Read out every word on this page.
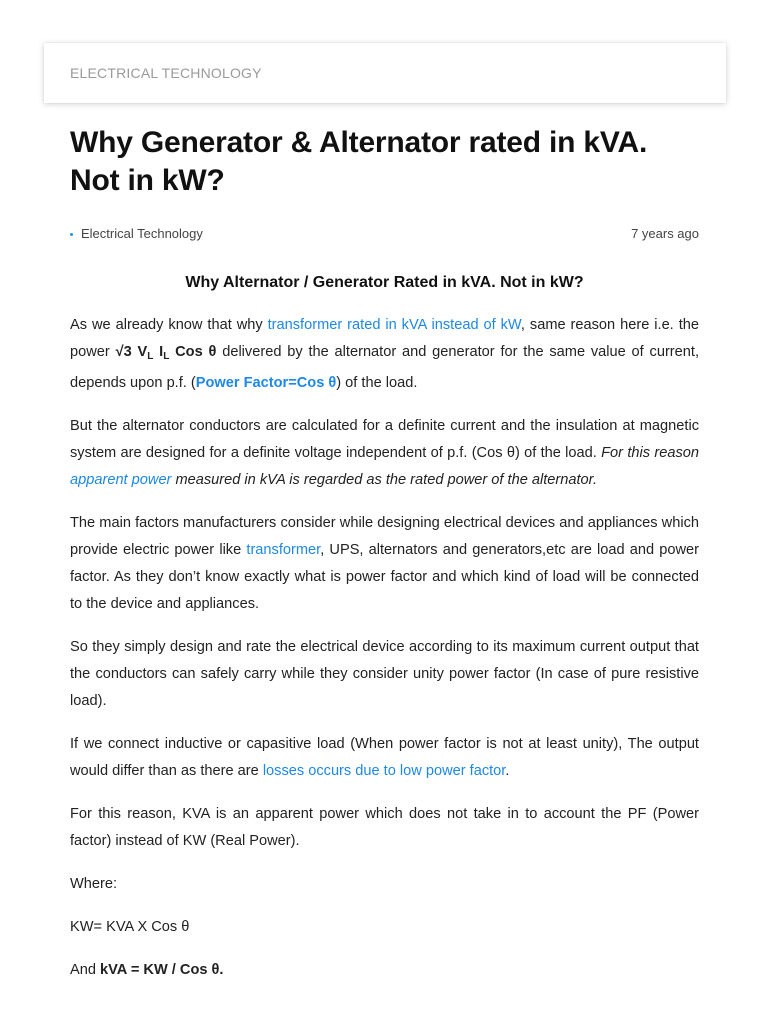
ELECTRICAL TECHNOLOGY
Why Generator & Alternator rated in kVA. Not in kW?
Electrical Technology	7 years ago
Why Alternator / Generator Rated in kVA. Not in kW?

As we already know that why transformer rated in kVA instead of kW, same reason here i.e. the power √3 $V_L$ $I_L$ Cos θ delivered by the alternator and generator for the same value of current, depends upon p.f. (Power Factor=Cos θ) of the load.

But the alternator conductors are calculated for a definite current and the insulation at magnetic system are designed for a definite voltage independent of p.f. (Cos θ) of the load. For this reason apparent power measured in kVA is regarded as the rated power of the alternator.

The main factors manufacturers consider while designing electrical devices and appliances which provide electric power like transformer, UPS, alternators and generators,etc are load and power factor. As they don’t know exactly what is power factor and which kind of load will be connected to the device and appliances.

So they simply design and rate the electrical device according to its maximum current output that the conductors can safely carry while they consider unity power factor (In case of pure resistive load).

If we connect inductive or capasitive load (When power factor is not at least unity), The output would differ than as there are losses occurs due to low power factor.

For this reason, KVA is an apparent power which does not take in to account the PF (Power factor) instead of KW (Real Power).

Where:

KW= KVA X Cos θ

And kVA = KW / Cos θ.
